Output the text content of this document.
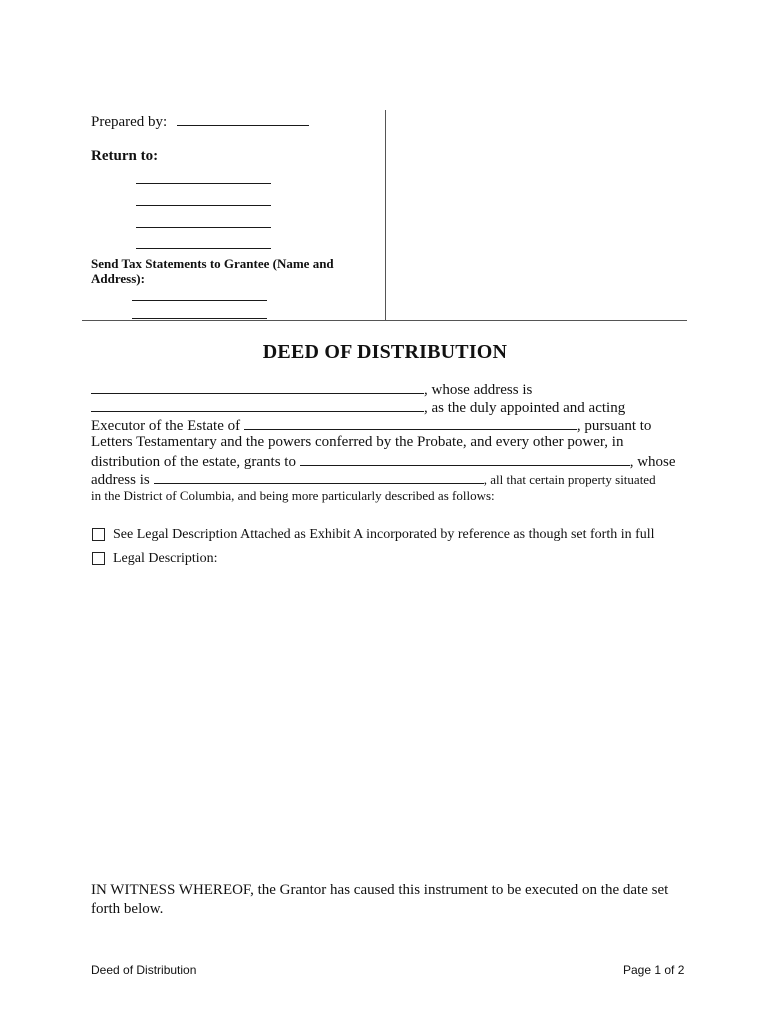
Prepared by:
Return to:
Send Tax Statements to Grantee (Name and
Address):
DEED OF DISTRIBUTION
, whose address is
, as the duly appointed and acting
Executor of the Estate of	, pursuant to
Letters Testamentary and the powers conferred by the Probate, and every other power, in
distribution of the estate, grants to	, whose
address is	, all that certain property situated
in the District of Columbia, and being more particularly described as follows:
See Legal Description Attached as Exhibit A incorporated by reference as though set forth in full
Legal Description:
IN WITNESS WHEREOF, the Grantor has caused this instrument to be executed on the date set
forth below.
Deed of Distribution	Page 1 of 2
